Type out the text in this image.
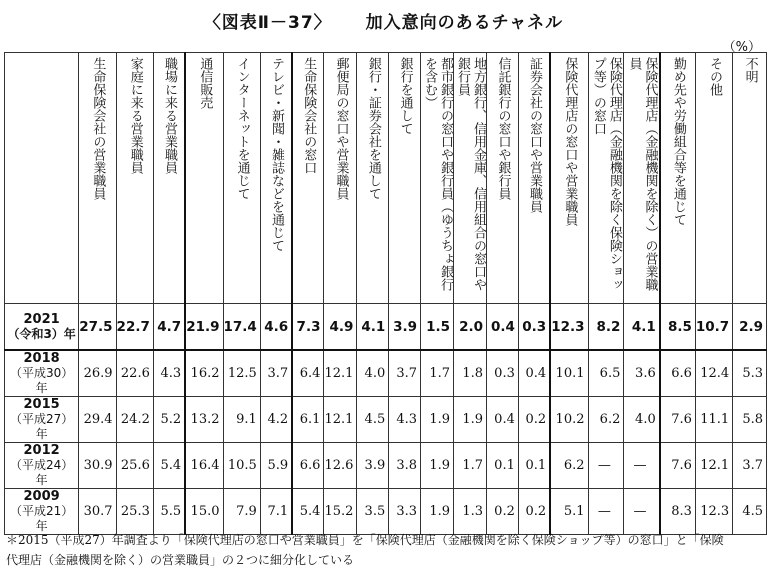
〈図表Ⅱ－37〉 加入意向のあるチャネル
（%）

	生命保険会社の営業職員	家庭に来る営業職員	職場に来る営業職員	通信販売	インターネットを通じて	テレビ・新聞・雑誌などを通じて	生命保険会社の窓口	郵便局の窓口や営業職員	銀行・証券会社を通して	銀行を通して	都市銀行の窓口や銀行員（ゆうちょ銀行を含む）	地方銀行、信用金庫、信用組合の窓口や銀行員	信託銀行の窓口や銀行員	証券会社の窓口や営業職員	保険代理店の窓口や営業職員	保険代理店（金融機関を除く保険ショップ等）の窓口	保険代理店（金融機関を除く）の営業職員	勤め先や労働組合等を通じて	その他	不明

2021
（令和3）年	27.5	22.7	4.7	21.9	17.4	4.6	7.3	4.9	4.1	3.9	1.5	2.0	0.4	0.3	12.3	8.2	4.1	8.5	10.7	2.9

2018
（平成30）年	26.9	22.6	4.3	16.2	12.5	3.7	6.4	12.1	4.0	3.7	1.7	1.8	0.3	0.4	10.1	6.5	3.6	6.6	12.4	5.3

2015
（平成27）年	29.4	24.2	5.2	13.2	9.1	4.2	6.1	12.1	4.5	4.3	1.9	1.9	0.4	0.2	10.2	6.2	4.0	7.6	11.1	5.8

2012
（平成24）年	30.9	25.6	5.4	16.4	10.5	5.9	6.6	12.6	3.9	3.8	1.9	1.7	0.1	0.1	6.2	—	—	7.6	12.1	3.7

2009
（平成21）年	30.7	25.3	5.5	15.0	7.9	7.1	5.4	15.2	3.5	3.3	1.9	1.3	0.2	0.2	5.1	—	—	8.3	12.3	4.5
＊2015（平成27）年調査より「保険代理店の窓口や営業職員」を「保険代理店（金融機関を除く保険ショップ等）の窓口」と「保険
代理店（金融機関を除く）の営業職員」の２つに細分化している
